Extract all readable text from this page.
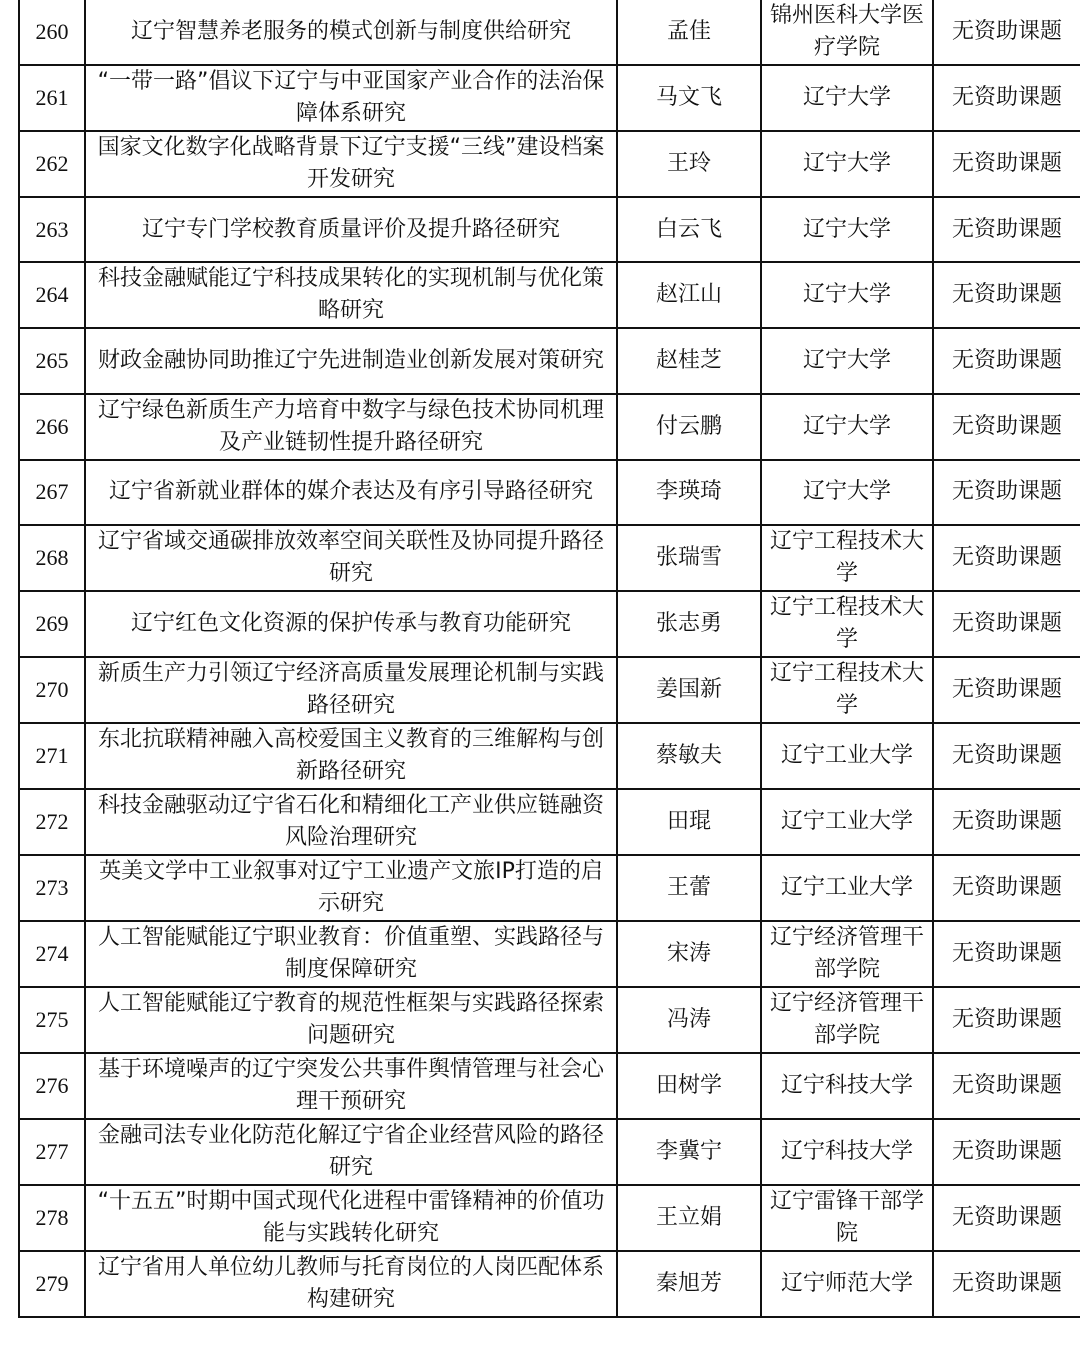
260	辽宁智慧养老服务的模式创新与制度供给研究	孟佳	锦州医科大学医疗学院	无资助课题
261	“一带一路”倡议下辽宁与中亚国家产业合作的法治保障体系研究	马文飞	辽宁大学	无资助课题
262	国家文化数字化战略背景下辽宁支援“三线”建设档案开发研究	王玲	辽宁大学	无资助课题
263	辽宁专门学校教育质量评价及提升路径研究	白云飞	辽宁大学	无资助课题
264	科技金融赋能辽宁科技成果转化的实现机制与优化策略研究	赵江山	辽宁大学	无资助课题
265	财政金融协同助推辽宁先进制造业创新发展对策研究	赵桂芝	辽宁大学	无资助课题
266	辽宁绿色新质生产力培育中数字与绿色技术协同机理及产业链韧性提升路径研究	付云鹏	辽宁大学	无资助课题
267	辽宁省新就业群体的媒介表达及有序引导路径研究	李瑛琦	辽宁大学	无资助课题
268	辽宁省域交通碳排放效率空间关联性及协同提升路径研究	张瑞雪	辽宁工程技术大学	无资助课题
269	辽宁红色文化资源的保护传承与教育功能研究	张志勇	辽宁工程技术大学	无资助课题
270	新质生产力引领辽宁经济高质量发展理论机制与实践路径研究	姜国新	辽宁工程技术大学	无资助课题
271	东北抗联精神融入高校爱国主义教育的三维解构与创新路径研究	蔡敏夫	辽宁工业大学	无资助课题
272	科技金融驱动辽宁省石化和精细化工产业供应链融资风险治理研究	田琨	辽宁工业大学	无资助课题
273	英美文学中工业叙事对辽宁工业遗产文旅IP打造的启示研究	王蕾	辽宁工业大学	无资助课题
274	人工智能赋能辽宁职业教育：价值重塑、实践路径与制度保障研究	宋涛	辽宁经济管理干部学院	无资助课题
275	人工智能赋能辽宁教育的规范性框架与实践路径探索问题研究	冯涛	辽宁经济管理干部学院	无资助课题
276	基于环境噪声的辽宁突发公共事件舆情管理与社会心理干预研究	田树学	辽宁科技大学	无资助课题
277	金融司法专业化防范化解辽宁省企业经营风险的路径研究	李冀宁	辽宁科技大学	无资助课题
278	“十五五”时期中国式现代化进程中雷锋精神的价值功能与实践转化研究	王立娟	辽宁雷锋干部学院	无资助课题
279	辽宁省用人单位幼儿教师与托育岗位的人岗匹配体系构建研究	秦旭芳	辽宁师范大学	无资助课题
